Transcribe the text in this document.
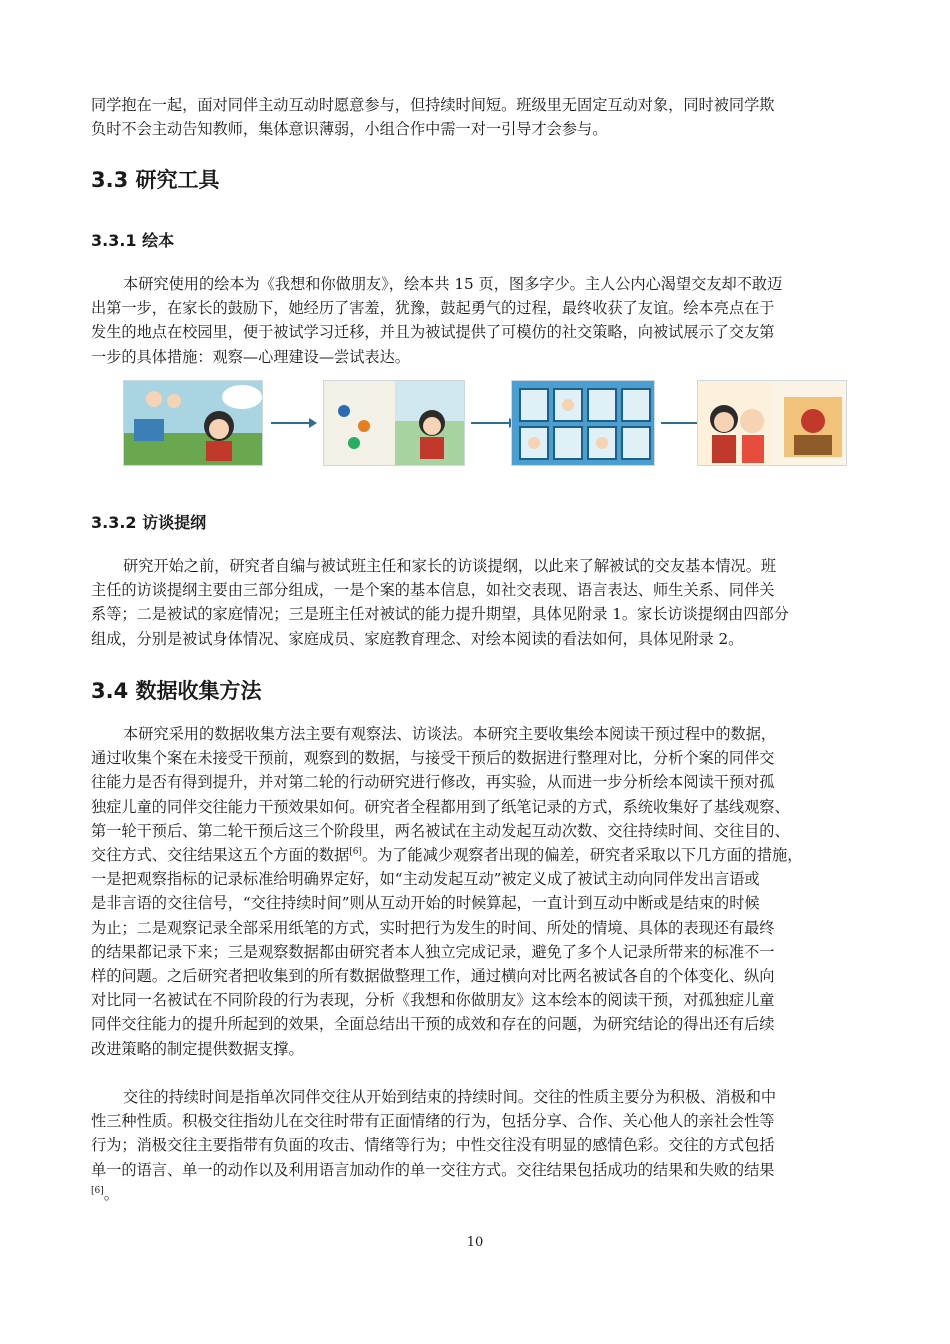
同学抱在一起，面对同伴主动互动时愿意参与，但持续时间短。班级里无固定互动对象，同时被同学欺
负时不会主动告知教师，集体意识薄弱，小组合作中需一对一引导才会参与。

3.3 研究工具
3.3.1 绘本

本研究使用的绘本为《我想和你做朋友》，绘本共 15 页，图多字少。主人公内心渴望交友却不敢迈
出第一步，在家长的鼓励下，她经历了害羞，犹豫，鼓起勇气的过程，最终收获了友谊。绘本亮点在于
发生的地点在校园里，便于被试学习迁移，并且为被试提供了可模仿的社交策略，向被试展示了交友第
一步的具体措施：观察—心理建设—尝试表达。

3.3.2 访谈提纲

研究开始之前，研究者自编与被试班主任和家长的访谈提纲，以此来了解被试的交友基本情况。班
主任的访谈提纲主要由三部分组成，一是个案的基本信息，如社交表现、语言表达、师生关系、同伴关
系等；二是被试的家庭情况；三是班主任对被试的能力提升期望，具体见附录 1。家长访谈提纲由四部分
组成，分别是被试身体情况、家庭成员、家庭教育理念、对绘本阅读的看法如何，具体见附录 2。

3.4 数据收集方法

本研究采用的数据收集方法主要有观察法、访谈法。本研究主要收集绘本阅读干预过程中的数据，
通过收集个案在未接受干预前，观察到的数据，与接受干预后的数据进行整理对比，分析个案的同伴交
往能力是否有得到提升，并对第二轮的行动研究进行修改，再实验，从而进一步分析绘本阅读干预对孤
独症儿童的同伴交往能力干预效果如何。研究者全程都用到了纸笔记录的方式，系统收集好了基线观察、
第一轮干预后、第二轮干预后这三个阶段里，两名被试在主动发起互动次数、交往持续时间、交往目的、
交往方式、交往结果这五个方面的数据[6]。为了能减少观察者出现的偏差，研究者采取以下几方面的措施，
一是把观察指标的记录标准给明确界定好，如“主动发起互动”被定义成了被试主动向同伴发出言语或
是非言语的交往信号，“交往持续时间”则从互动开始的时候算起，一直计到互动中断或是结束的时候
为止；二是观察记录全部采用纸笔的方式，实时把行为发生的时间、所处的情境、具体的表现还有最终
的结果都记录下来；三是观察数据都由研究者本人独立完成记录，避免了多个人记录所带来的标准不一
样的问题。之后研究者把收集到的所有数据做整理工作，通过横向对比两名被试各自的个体变化、纵向
对比同一名被试在不同阶段的行为表现，分析《我想和你做朋友》这本绘本的阅读干预，对孤独症儿童
同伴交往能力的提升所起到的效果，全面总结出干预的成效和存在的问题，为研究结论的得出还有后续
改进策略的制定提供数据支撑。

交往的持续时间是指单次同伴交往从开始到结束的持续时间。交往的性质主要分为积极、消极和中
性三种性质。积极交往指幼儿在交往时带有正面情绪的行为，包括分享、合作、关心他人的亲社会性等
行为；消极交往主要指带有负面的攻击、情绪等行为；中性交往没有明显的感情色彩。交往的方式包括
单一的语言、单一的动作以及利用语言加动作的单一交往方式。交往结果包括成功的结果和失败的结果
[6]。

10
